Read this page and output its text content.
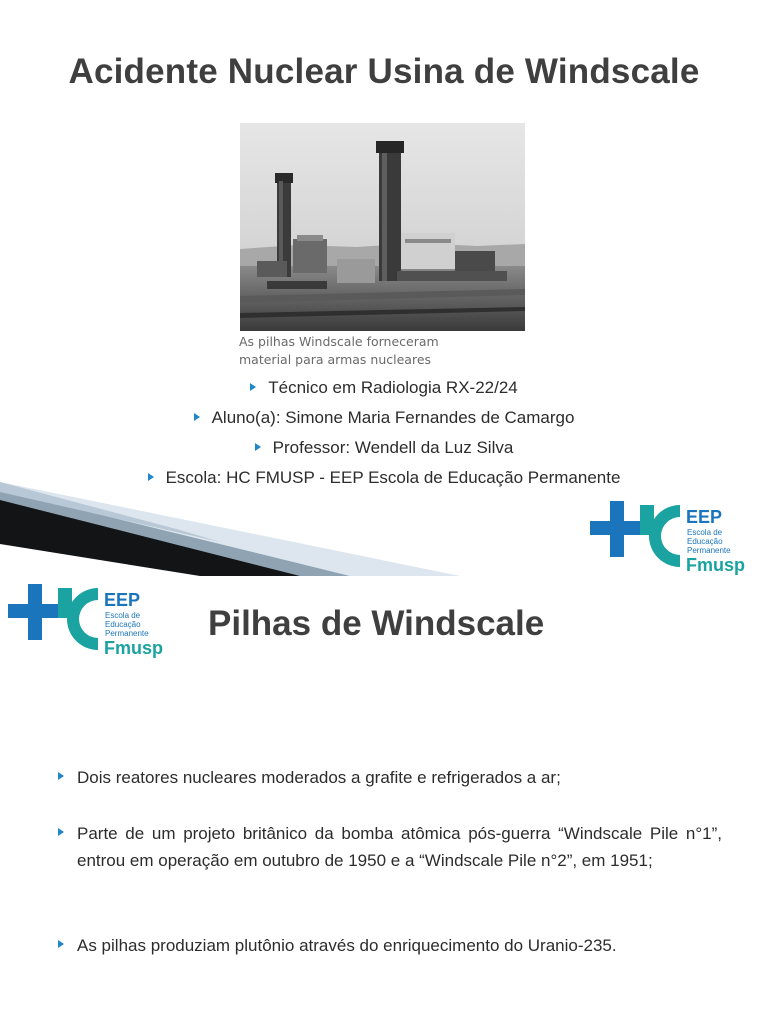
Acidente Nuclear Usina de Windscale
As pilhas Windscale forneceram
material para armas nucleares
Técnico em Radiologia RX-22/24
Aluno(a): Simone Maria Fernandes de Camargo
Professor: Wendell da Luz Silva
Escola: HC FMUSP - EEP Escola de Educação Permanente
EEP
Escola de
Educação
Permanente
Fmusp
EEP
Escola de
Educação
Permanente
Fmusp
Pilhas de Windscale
Dois reatores nucleares moderados a grafite e refrigerados a ar;
Parte de um projeto britânico da bomba atômica pós-guerra “Windscale Pile n°1”, entrou em operação em outubro de 1950 e a “Windscale Pile n°2”, em 1951;
As pilhas produziam plutônio através do enriquecimento do Uranio-235.
